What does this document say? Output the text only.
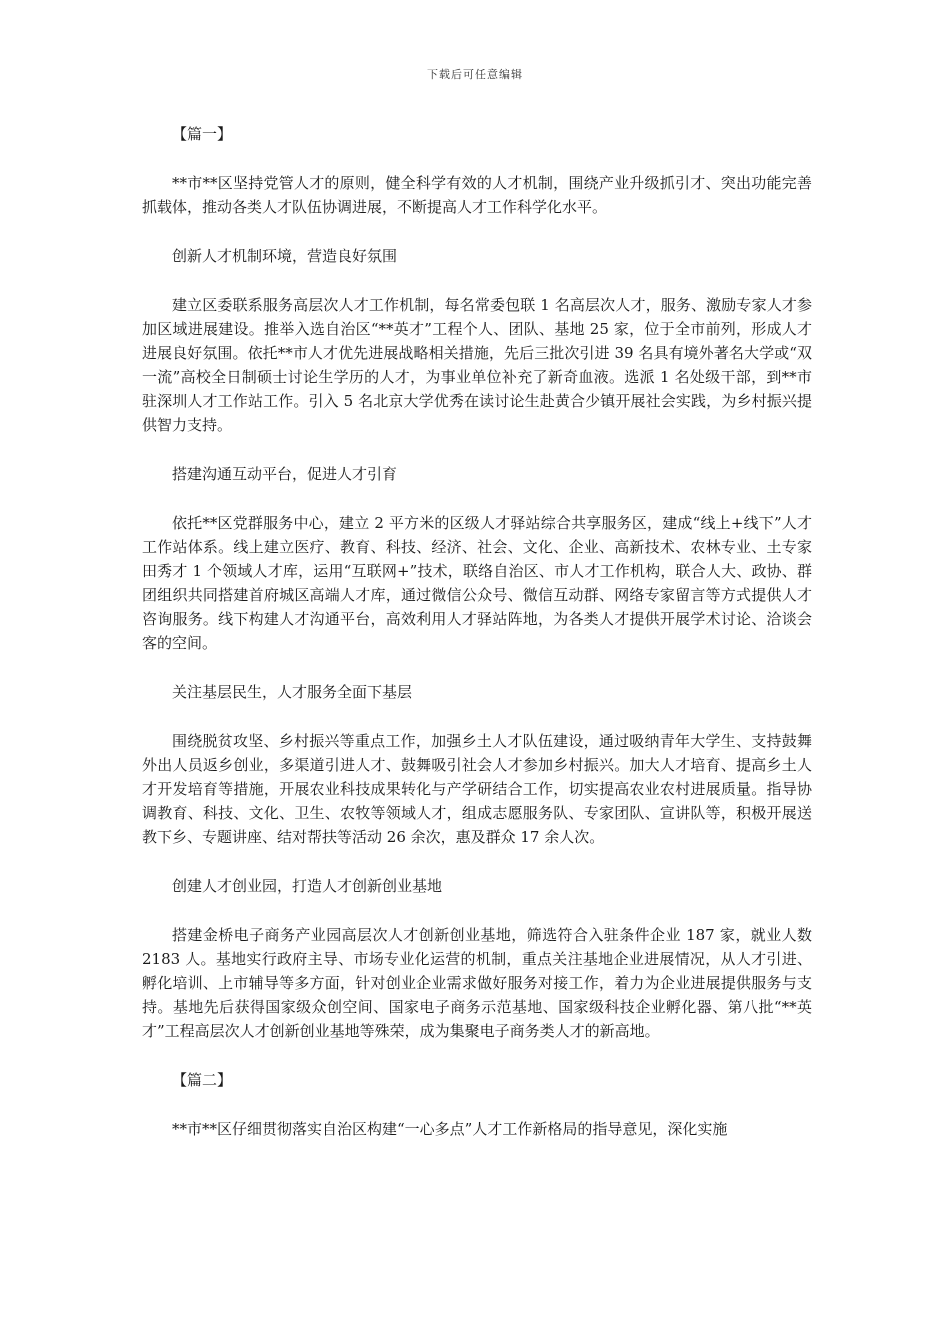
下载后可任意编辑
【篇一】

**市**区坚持党管人才的原则，健全科学有效的人才机制，围绕产业升级抓引才、突出功能完善抓载体，推动各类人才队伍协调进展，不断提高人才工作科学化水平。

创新人才机制环境，营造良好氛围

建立区委联系服务高层次人才工作机制，每名常委包联 1 名高层次人才，服务、激励专家人才参加区域进展建设。推举入选自治区“**英才”工程个人、团队、基地 25 家，位于全市前列，形成人才进展良好氛围。依托**市人才优先进展战略相关措施，先后三批次引进 39 名具有境外著名大学或“双一流”高校全日制硕士讨论生学历的人才，为事业单位补充了新奇血液。选派 1 名处级干部，到**市驻深圳人才工作站工作。引入 5 名北京大学优秀在读讨论生赴黄合少镇开展社会实践，为乡村振兴提供智力支持。

搭建沟通互动平台，促进人才引育

依托**区党群服务中心，建立 2 平方米的区级人才驿站综合共享服务区，建成“线上+线下”人才工作站体系。线上建立医疗、教育、科技、经济、社会、文化、企业、高新技术、农林专业、土专家田秀才 1 个领域人才库，运用“互联网+”技术，联络自治区、市人才工作机构，联合人大、政协、群团组织共同搭建首府城区高端人才库，通过微信公众号、微信互动群、网络专家留言等方式提供人才咨询服务。线下构建人才沟通平台，高效利用人才驿站阵地，为各类人才提供开展学术讨论、洽谈会客的空间。

关注基层民生，人才服务全面下基层

围绕脱贫攻坚、乡村振兴等重点工作，加强乡土人才队伍建设，通过吸纳青年大学生、支持鼓舞外出人员返乡创业，多渠道引进人才、鼓舞吸引社会人才参加乡村振兴。加大人才培育、提高乡土人才开发培育等措施，开展农业科技成果转化与产学研结合工作，切实提高农业农村进展质量。指导协调教育、科技、文化、卫生、农牧等领域人才，组成志愿服务队、专家团队、宣讲队等，积极开展送教下乡、专题讲座、结对帮扶等活动 26 余次，惠及群众 17 余人次。

创建人才创业园，打造人才创新创业基地

搭建金桥电子商务产业园高层次人才创新创业基地，筛选符合入驻条件企业 187 家，就业人数 2183 人。基地实行政府主导、市场专业化运营的机制，重点关注基地企业进展情况，从人才引进、孵化培训、上市辅导等多方面，针对创业企业需求做好服务对接工作，着力为企业进展提供服务与支持。基地先后获得国家级众创空间、国家电子商务示范基地、国家级科技企业孵化器、第八批“**英才”工程高层次人才创新创业基地等殊荣，成为集聚电子商务类人才的新高地。

【篇二】

**市**区仔细贯彻落实自治区构建“一心多点”人才工作新格局的指导意见，深化实施
